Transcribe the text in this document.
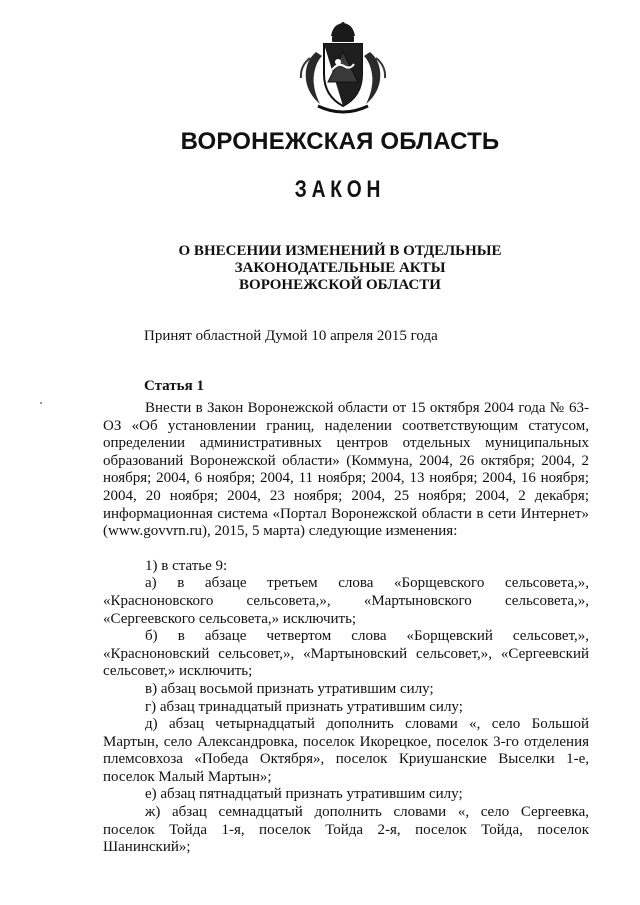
ВОРОНЕЖСКАЯ ОБЛАСТЬ
ЗАКОН
О ВНЕСЕНИИ ИЗМЕНЕНИЙ В ОТДЕЛЬНЫЕ
ЗАКОНОДАТЕЛЬНЫЕ АКТЫ
ВОРОНЕЖСКОЙ ОБЛАСТИ
Принят областной Думой 10 апреля 2015 года
Статья 1

Внести в Закон Воронежской области от 15 октября 2004 года № 63-ОЗ «Об установлении границ, наделении соответствующим статусом, определении административных центров отдельных муниципальных образований Воронежской области» (Коммуна, 2004, 26 октября; 2004, 2 ноября; 2004, 6 ноября; 2004, 11 ноября; 2004, 13 ноября; 2004, 16 ноября; 2004, 20 ноября; 2004, 23 ноября; 2004, 25 ноября; 2004, 2 декабря; информационная система «Портал Воронежской области в сети Интернет» (www.govvrn.ru), 2015, 5 марта) следующие изменения:

1) в статье 9:

а) в абзаце третьем слова «Борщевского сельсовета,», «Красноновского сельсовета,», «Мартыновского сельсовета,», «Сергеевского сельсовета,» исключить;

б) в абзаце четвертом слова «Борщевский сельсовет,», «Красноновский сельсовет,», «Мартыновский сельсовет,», «Сергеевский сельсовет,» исключить;

в) абзац восьмой признать утратившим силу;

г) абзац тринадцатый признать утратившим силу;

д) абзац четырнадцатый дополнить словами «, село Большой Мартын, село Александровка, поселок Икорецкое, поселок 3-го отделения племсовхоза «Победа Октября», поселок Криушанские Выселки 1-е, поселок Малый Мартын»;

е) абзац пятнадцатый признать утратившим силу;

ж) абзац семнадцатый дополнить словами «, село Сергеевка, поселок Тойда 1-я, поселок Тойда 2-я, поселок Тойда, поселок Шанинский»;
